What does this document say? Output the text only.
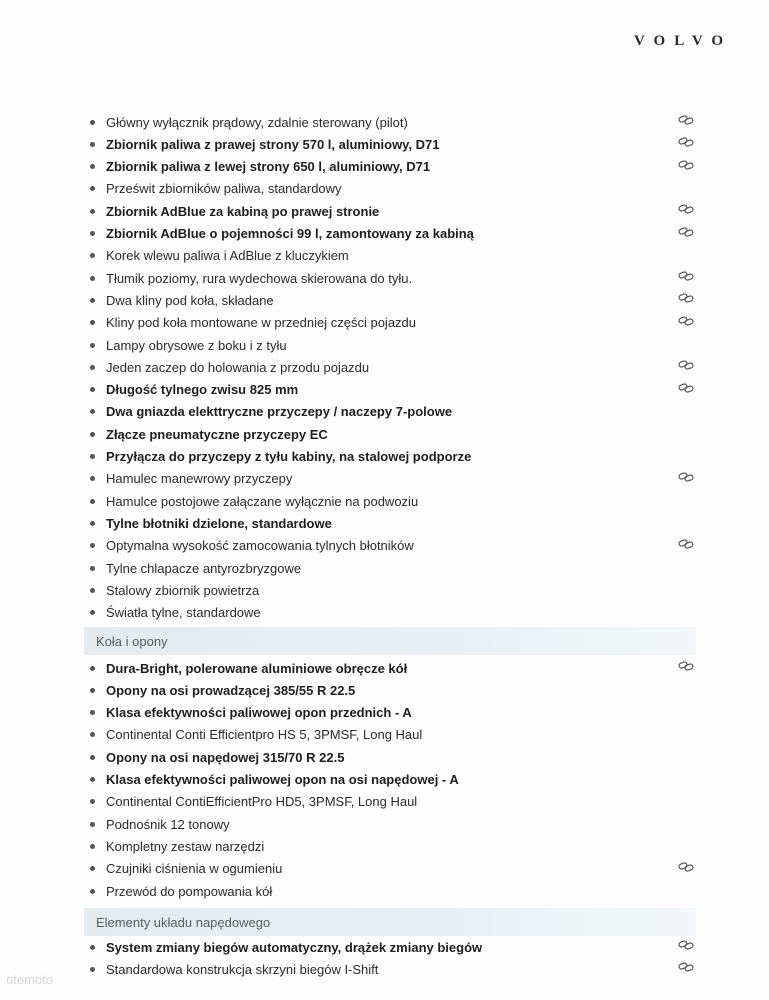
VOLVO
Główny wyłącznik prądowy, zdalnie sterowany (pilot)
Zbiornik paliwa z prawej strony 570 l, aluminiowy, D71
Zbiornik paliwa z lewej strony 650 l, aluminiowy, D71
Prześwit zbiorników paliwa, standardowy
Zbiornik AdBlue za kabiną po prawej stronie
Zbiornik AdBlue o pojemności 99 l, zamontowany za kabiną
Korek wlewu paliwa i AdBlue z kluczykiem
Tłumik poziomy, rura wydechowa skierowana do tyłu.
Dwa kliny pod koła, składane
Kliny pod koła montowane w przedniej części pojazdu
Lampy obrysowe z boku i z tyłu
Jeden zaczep do holowania z przodu pojazdu
Długość tylnego zwisu 825 mm
Dwa gniazda elekttryczne przyczepy / naczepy 7-polowe
Złącze pneumatyczne przyczepy EC
Przyłącza do przyczepy z tyłu kabiny, na stalowej podporze
Hamulec manewrowy przyczepy
Hamulce postojowe załączane wyłącznie na podwoziu
Tylne błotniki dzielone, standardowe
Optymalna wysokość zamocowania tylnych błotników
Tylne chlapacze antyrozbryzgowe
Stalowy zbiornik powietrza
Światła tylne, standardowe
Koła i opony
Dura-Bright, polerowane aluminiowe obręcze kół
Opony na osi prowadzącej 385/55 R 22.5
Klasa efektywności paliwowej opon przednich - A
Continental Conti Efficientpro HS 5, 3PMSF, Long Haul
Opony na osi napędowej 315/70 R 22.5
Klasa efektywności paliwowej opon na osi napędowej - A
Continental ContiEfficientPro HD5, 3PMSF, Long Haul
Podnośnik 12 tonowy
Kompletny zestaw narzędzi
Czujniki ciśnienia w ogumieniu
Przewód do pompowania kół
Elementy układu napędowego
System zmiany biegów automatyczny, drążek zmiany biegów
Standardowa konstrukcja skrzyni biegów I-Shift
otomoto
